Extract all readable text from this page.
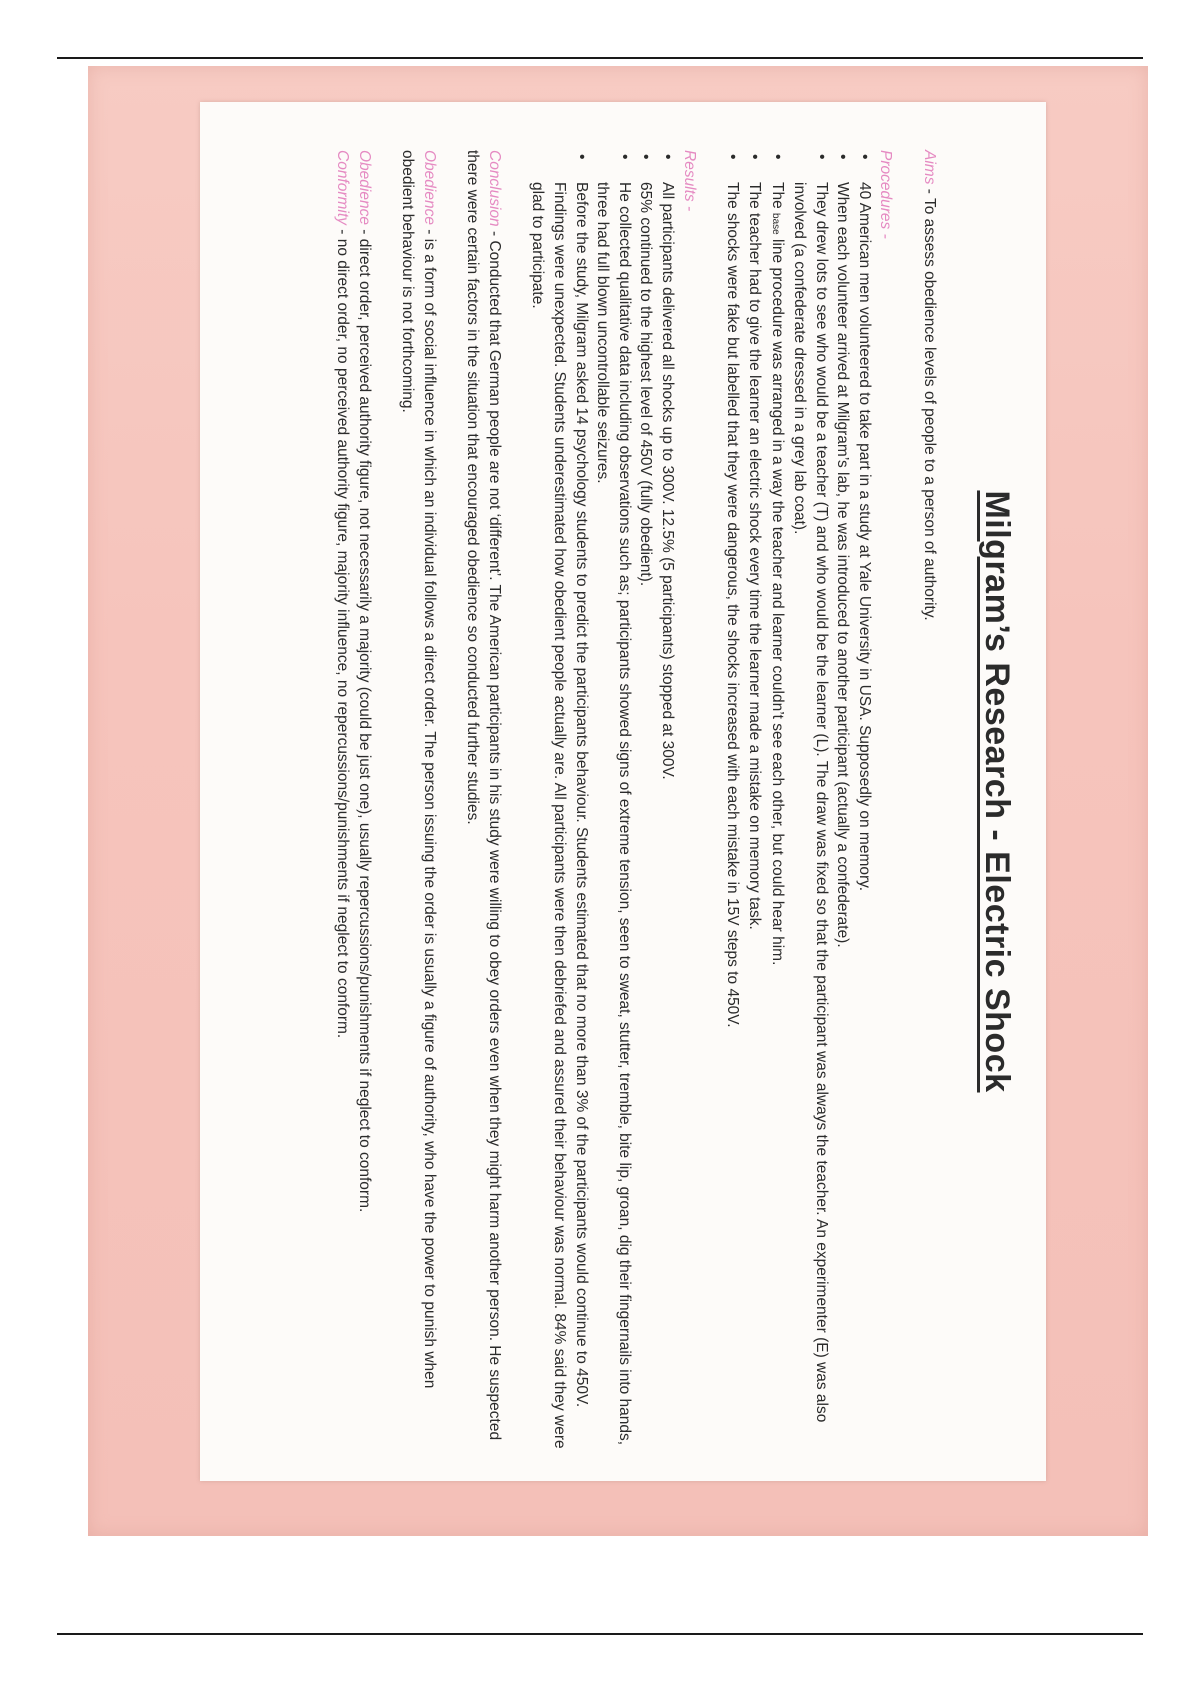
Milgram’s Research - Electric Shock

Aims - To assess obedience levels of people to a person of authority.

Procedures -

• 40 American men volunteered to take part in a study at Yale University in USA. Supposedly on memory.
• When each volunteer arrived at Milgram’s lab, he was introduced to another participant (actually a confederate).
• They drew lots to see who would be a teacher (T) and who would be the learner (L). The draw was fixed so that the participant was always the teacher. An experimenter (E) was also involved (a confederate dressed in a grey lab coat).
• The base line procedure was arranged in a way the teacher and learner couldn’t see each other, but could hear him.
• The teacher had to give the learner an electric shock every time the learner made a mistake on memory task.
• The shocks were fake but labelled that they were dangerous, the shocks increased with each mistake in 15V steps to 450V.

Results -

• All participants delivered all shocks up to 300V. 12.5% (5 participants) stopped at 300V.
• 65% continued to the highest level of 450V (fully obedient).
• He collected qualitative data including observations such as; participants showed signs of extreme tension, seen to sweat, stutter, tremble, bite lip, groan, dig their fingernails into hands, three had full blown uncontrollable seizures.
• Before the study, Milgram asked 14 psychology students to predict the participants behaviour. Students estimated that no more than 3% of the participants would continue to 450V. Findings were unexpected. Students underestimated how obedient people actually are. All participants were then debriefed and assured their behaviour was normal. 84% said they were glad to participate.

Conclusion - Conducted that German people are not ‘different’. The American participants in his study were willing to obey orders even when they might harm another person. He suspected there were certain factors in the situation that encouraged obedience so conducted further studies.

Obedience - is a form of social influence in which an individual follows a direct order. The person issuing the order is usually a figure of authority, who have the power to punish when obedient behaviour is not forthcoming.

Obedience - direct order, perceived authority figure, not necessarily a majority (could be just one), usually repercussions/punishments if neglect to conform.

Conformity - no direct order, no perceived authority figure, majority influence, no repercussions/punishments if neglect to conform.
